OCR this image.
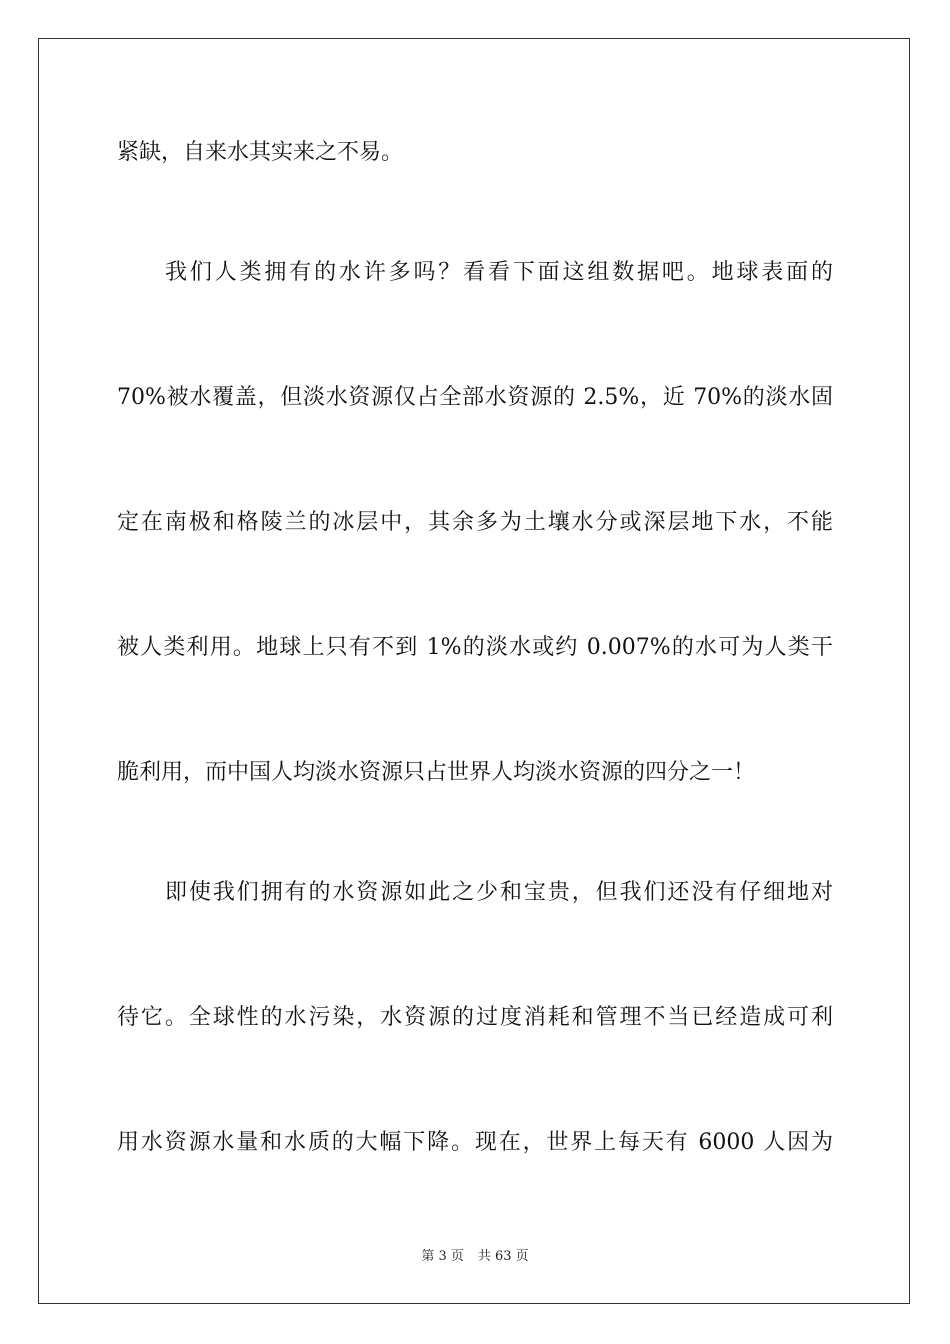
紧缺，自来水其实来之不易。
我们人类拥有的水许多吗？看看下面这组数据吧。地球表面的
70%被水覆盖，但淡水资源仅占全部水资源的 2.5%，近 70%的淡水固
定在南极和格陵兰的冰层中，其余多为土壤水分或深层地下水，不能
被人类利用。地球上只有不到 1%的淡水或约 0.007%的水可为人类干
脆利用，而中国人均淡水资源只占世界人均淡水资源的四分之一！
即使我们拥有的水资源如此之少和宝贵，但我们还没有仔细地对
待它。全球性的水污染，水资源的过度消耗和管理不当已经造成可利
用水资源水量和水质的大幅下降。现在，世界上每天有 6000 人因为
第 3 页 共 63 页
